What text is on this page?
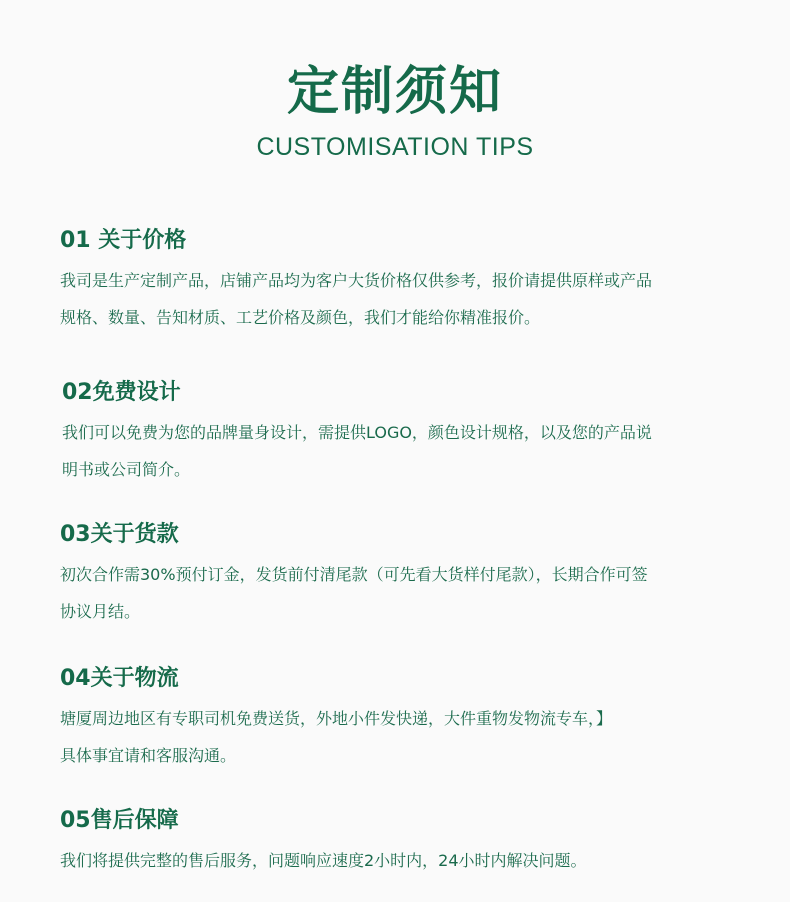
定制须知
CUSTOMISATION TIPS
01 关于价格
我司是生产定制产品，店铺产品均为客户大货价格仅供参考，报价请提供原样或产品
规格、数量、告知材质、工艺价格及颜色，我们才能给你精准报价。
02免费设计
我们可以免费为您的品牌量身设计，需提供LOGO，颜色设计规格，以及您的产品说
明书或公司简介。
03关于货款
初次合作需30%预付订金，发货前付清尾款（可先看大货样付尾款），长期合作可签
协议月结。
04关于物流
塘厦周边地区有专职司机免费送货，外地小件发快递，大件重物发物流专车，】
具体事宜请和客服沟通。
05售后保障
我们将提供完整的售后服务，问题响应速度2小时内，24小时内解决问题。
